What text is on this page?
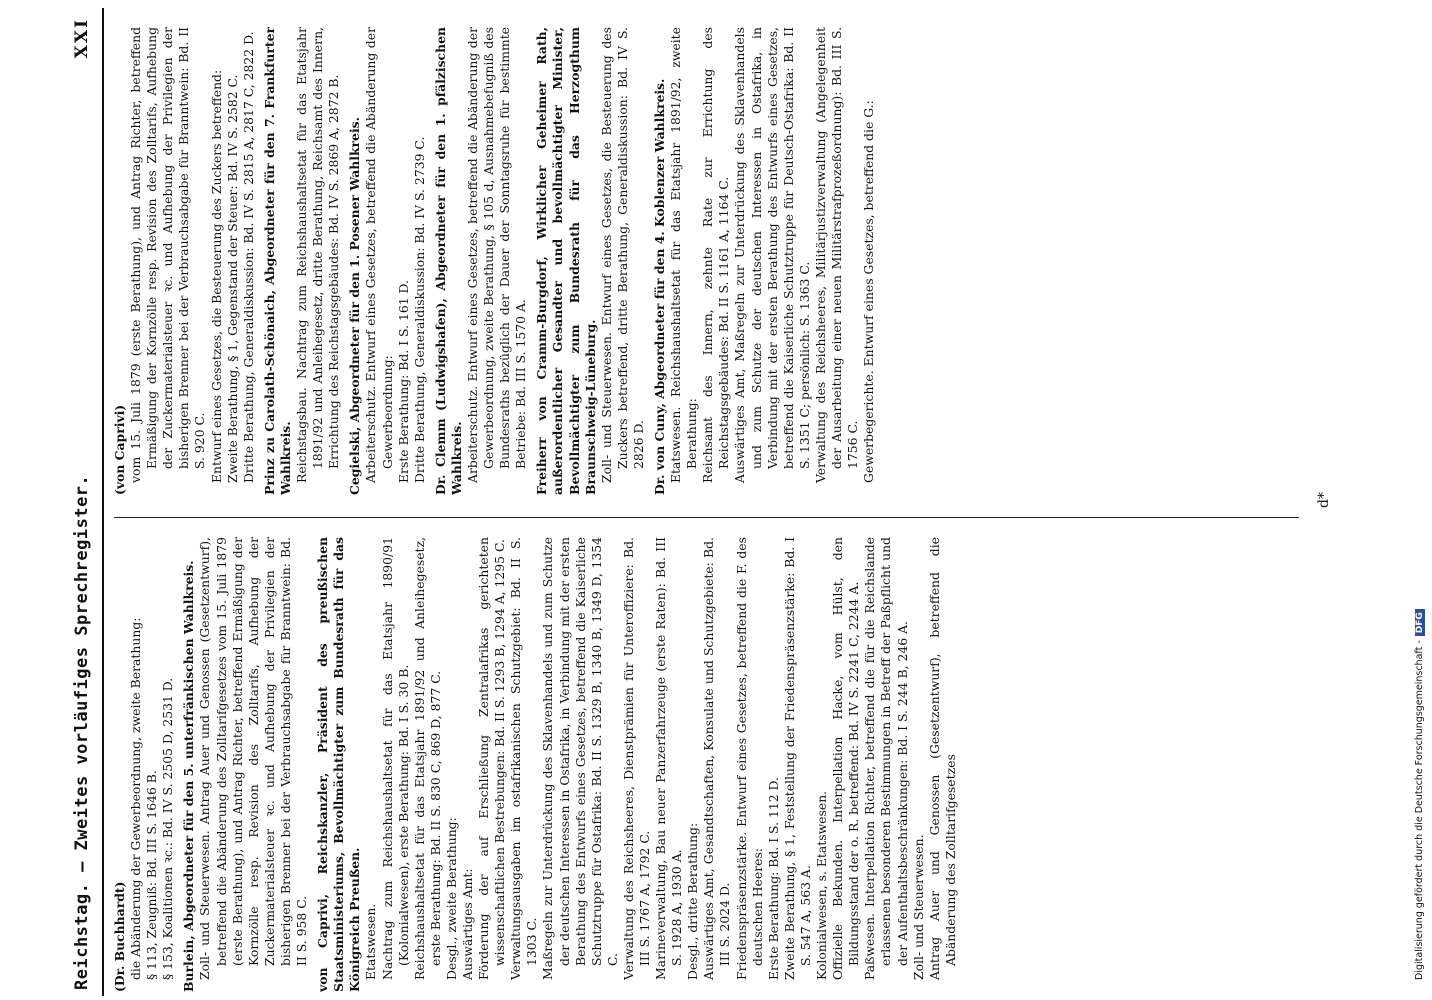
Reichstag. — Zweites vorläufiges Sprechregister.
XXI
(Dr. Buchhardt) die Abänderung der Gewerbeordnung, zweite Berathung: § 113, Zeugniß: Bd. III S. 1646 B. § 153, Koalitionen ꝛc.: Bd. IV S. 2505 D, 2531 D. Burlein, Abgeordneter für den 5. unterfränkischen Wahlkreis. Zoll- und Steuerwesen. Antrag Auer und Genossen (Gesetzentwurf), betreffend die Abänderung des Zolltarifgesetzes vom 15. Juli 1879 (erste Berathung), und Antrag Richter, betreffend Ermäßigung der Kornzölle resp. Revision des Zolltarifs, Aufhebung der Zuckermaterialsteuer ꝛc. und Aufhebung der Privilegien der bisherigen Brenner bei der Verbrauchsabgabe für Branntwein: Bd. II S. 958 C. von Caprivi, Reichskanzler, Präsident des preußischen Staatsministeriums, Bevollmächtigter zum Bundesrath für das Königreich Preußen. Etatswesen. Nachtrag zum Reichshaushaltsetat für das Etatsjahr 1890/91 (Kolonialwesen), erste Berathung: Bd. I S. 30 B. Reichshaushaltsetat für das Etatsjahr 1891/92 und Anleihegesetz, erste Berathung: Bd. II S. 830 C, 869 D, 877 C. Desgl., zweite Berathung: Auswärtiges Amt: Förderung der auf Erschließung Zentralafrikas gerichteten wissenschaftlichen Bestrebungen: Bd. II S. 1293 B, 1294 A, 1295 C. Verwaltungsausgaben im ostafrikanischen Schutzgebiet: Bd. II S. 1303 C. Maßregeln zur Unterdrückung des Sklavenhandels und zum Schutze der deutschen Interessen in Ostafrika, in Verbindung mit der ersten Berathung des Entwurfs eines Gesetzes, betreffend die Kaiserliche Schutztruppe für Ostafrika: Bd. II S. 1329 B, 1340 B, 1349 D, 1354 C. Verwaltung des Reichsheeres, Dienstprämien für Unteroffiziere: Bd. III S. 1767 A, 1792 C. Marineverwaltung, Bau neuer Panzerfahrzeuge (erste Raten): Bd. III S. 1928 A, 1930 A. Desgl., dritte Berathung: Auswärtiges Amt, Gesandtschaften, Konsulate und Schutzgebiete: Bd. III S. 2024 D. Friedenspräsenzstärke. Entwurf eines Gesetzes, betreffend die F. des deutschen Heeres: Erste Berathung: Bd. I S. 112 D. Zweite Berathung, § 1, Feststellung der Friedenspräsenzstärke: Bd. I S. 547 A, 563 A. Kolonialwesen, s. Etatswesen. Offizielle Bekunden. Interpellation Hacke, vom Hülst, den Bildungsstand der o. R. betreffend: Bd. IV S. 2241 C, 2244 A. Paßwesen. Interpellation Richter, betreffend die für die Reichslande erlassenen besonderen Bestimmungen in Betreff der Paßpflicht und der Aufenthaltsbeschränkungen: Bd. I S. 244 B, 246 A. Zoll- und Steuerwesen. Antrag Auer und Genossen (Gesetzentwurf), betreffend die Abänderung des Zolltarifgesetzes
(von Caprivi) vom 15. Juli 1879 (erste Berathung), und Antrag Richter, betreffend Ermäßigung der Kornzölle resp. Revision des Zolltarifs, Aufhebung der Zuckermaterialsteuer ꝛc. und Aufhebung der Privilegien der bisherigen Brenner bei der Verbrauchsabgabe für Branntwein: Bd. II S. 920 C. Entwurf eines Gesetzes, die Besteuerung des Zuckers betreffend: Zweite Berathung, § 1, Gegenstand der Steuer: Bd. IV S. 2582 C. Dritte Berathung, Generaldiskussion: Bd. IV S. 2815 A, 2817 C, 2822 D. Prinz zu Carolath-Schönaich, Abgeordneter für den 7. Frankfurter Wahlkreis. Reichstagsbau. Nachtrag zum Reichshaushaltsetat für das Etatsjahr 1891/92 und Anleihegesetz, dritte Berathung, Reichsamt des Innern, Errichtung des Reichstagsgebäudes: Bd. IV S. 2869 A, 2872 B. Cegielski, Abgeordneter für den 1. Posener Wahlkreis. Arbeiterschutz. Entwurf eines Gesetzes, betreffend die Abänderung der Gewerbeordnung: Erste Berathung: Bd. I S. 161 D. Dritte Berathung, Generaldiskussion: Bd. IV S. 2739 C. Dr. Clemm (Ludwigshafen), Abgeordneter für den 1. pfälzischen Wahlkreis. Arbeiterschutz. Entwurf eines Gesetzes, betreffend die Abänderung der Gewerbeordnung, zweite Berathung, § 105 d, Ausnahmebefugniß des Bundesraths bezüglich der Dauer der Sonntagsruhe für bestimmte Betriebe: Bd. III S. 1570 A. Freiherr von Cramm-Burgdorf, Wirklicher Geheimer Rath, außerordentlicher Gesandter und bevollmächtigter Minister, Bevollmächtigter zum Bundesrath für das Herzogthum Braunschweig-Lüneburg. Zoll- und Steuerwesen. Entwurf eines Gesetzes, die Besteuerung des Zuckers betreffend, dritte Berathung, Generaldiskussion: Bd. IV S. 2826 D. Dr. von Cuny, Abgeordneter für den 4. Koblenzer Wahlkreis. Etatswesen. Reichshaushaltsetat für das Etatsjahr 1891/92, zweite Berathung: Reichsamt des Innern, zehnte Rate zur Errichtung des Reichstagsgebäudes: Bd. II S. 1161 A, 1164 C. Auswärtiges Amt, Maßregeln zur Unterdrückung des Sklavenhandels und zum Schutze der deutschen Interessen in Ostafrika, in Verbindung mit der ersten Berathung des Entwurfs eines Gesetzes, betreffend die Kaiserliche Schutztruppe für Deutsch-Ostafrika: Bd. II S. 1351 C; persönlich: S. 1363 C. Verwaltung des Reichsheeres, Militärjustizverwaltung (Angelegenheit der Ausarbeitung einer neuen Militärstrafprozeßordnung): Bd. III S. 1756 C. Gewerbegerichte. Entwurf eines Gesetzes, betreffend die G.:
d*
Digitalisierung gefördert durch die Deutsche Forschungsgemeinschaft -DFG
